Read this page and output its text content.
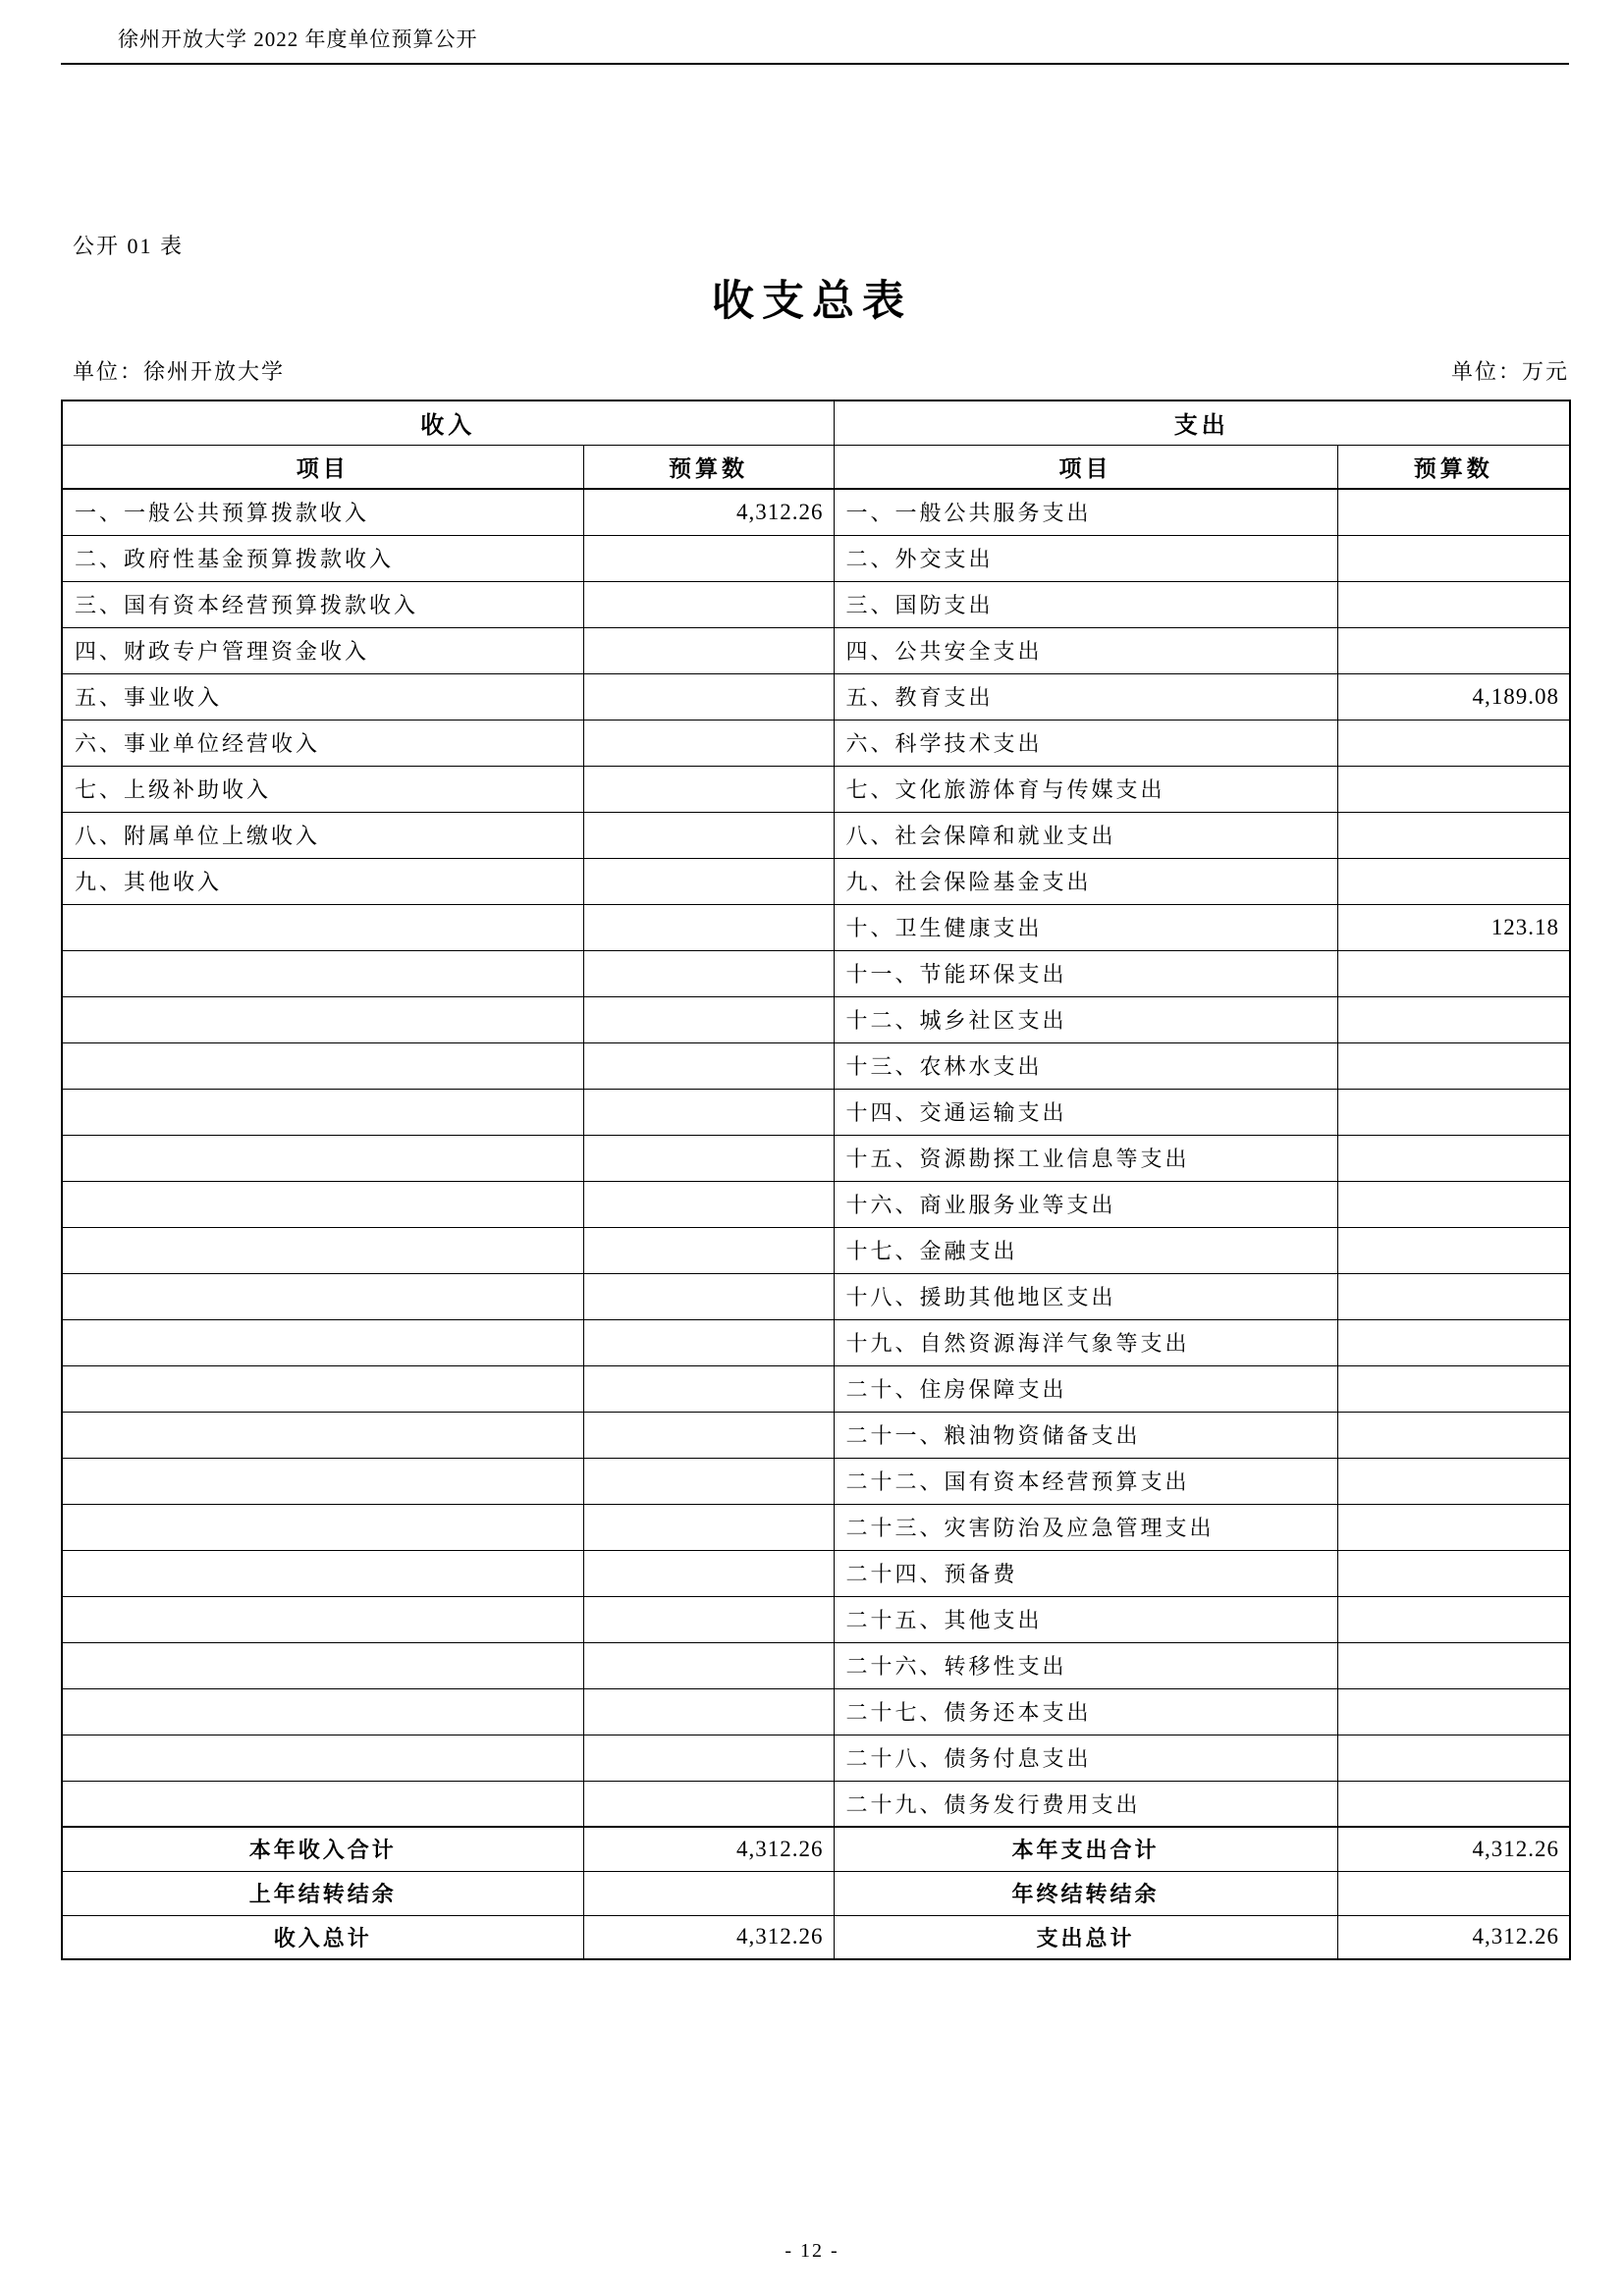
徐州开放大学 2022 年度单位预算公开
公开 01 表
收支总表
单位：徐州开放大学	单位：万元
收入		支出	
项目	预算数	项目	预算数
一、一般公共预算拨款收入	4,312.26	一、一般公共服务支出	
二、政府性基金预算拨款收入		二、外交支出	
三、国有资本经营预算拨款收入		三、国防支出	
四、财政专户管理资金收入		四、公共安全支出	
五、事业收入		五、教育支出	4,189.08
六、事业单位经营收入		六、科学技术支出	
七、上级补助收入		七、文化旅游体育与传媒支出	
八、附属单位上缴收入		八、社会保障和就业支出	
九、其他收入		九、社会保险基金支出	
		十、卫生健康支出	123.18
		十一、节能环保支出	
		十二、城乡社区支出	
		十三、农林水支出	
		十四、交通运输支出	
		十五、资源勘探工业信息等支出	
		十六、商业服务业等支出	
		十七、金融支出	
		十八、援助其他地区支出	
		十九、自然资源海洋气象等支出	
		二十、住房保障支出	
		二十一、粮油物资储备支出	
		二十二、国有资本经营预算支出	
		二十三、灾害防治及应急管理支出	
		二十四、预备费	
		二十五、其他支出	
		二十六、转移性支出	
		二十七、债务还本支出	
		二十八、债务付息支出	
		二十九、债务发行费用支出	
本年收入合计	4,312.26	本年支出合计	4,312.26
上年结转结余		年终结转结余	
收入总计	4,312.26	支出总计	4,312.26
- 12 -
